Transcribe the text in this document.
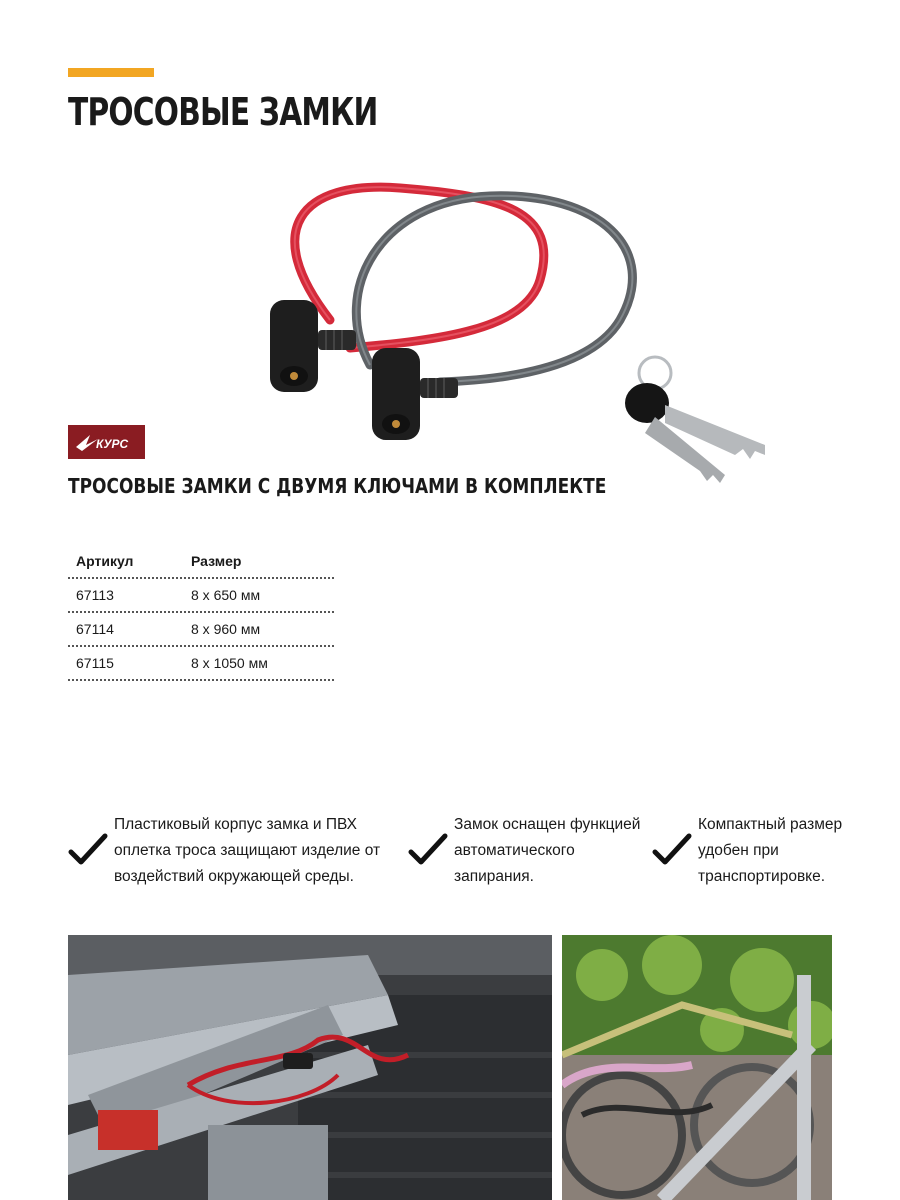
ТРОСОВЫЕ ЗАМКИ
КУРС
ТРОСОВЫЕ ЗАМКИ С ДВУМЯ КЛЮЧАМИ В КОМПЛЕКТЕ
Артикул	Размер
67113	8 х 650 мм
67114	8 х 960 мм
67115	8 х 1050 мм
Пластиковый корпус замка и ПВХ оплетка троса защищают изделие от воздействий окружающей среды.
Замок оснащен функцией автоматического запирания.
Компактный размер удобен при транспортировке.
